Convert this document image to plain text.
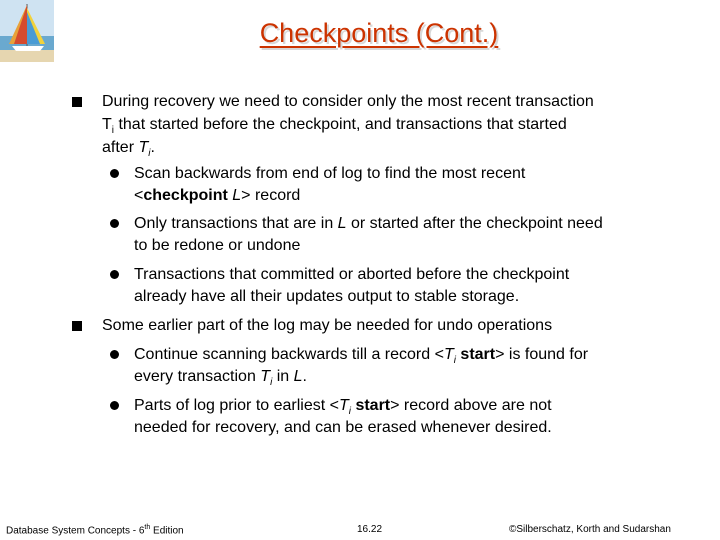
Checkpoints (Cont.)
During recovery we need to consider only the most recent transaction
$T_i$ that started before the checkpoint, and transactions that started
after $T_i$.
Scan backwards from end of log to find the most recent
<checkpoint L> record
Only transactions that are in L or started after the checkpoint need
to be redone or undone
Transactions that committed or aborted before the checkpoint
already have all their updates output to stable storage.
Some earlier part of the log may be needed for undo operations
Continue scanning backwards till a record $<T_i$ start> is found for
every transaction $T_i$ in L.
Parts of log prior to earliest $<T_i$ start> record above are not
needed for recovery, and can be erased whenever desired.
Database System Concepts - 6th Edition	16.22	©Silberschatz, Korth and Sudarshan
